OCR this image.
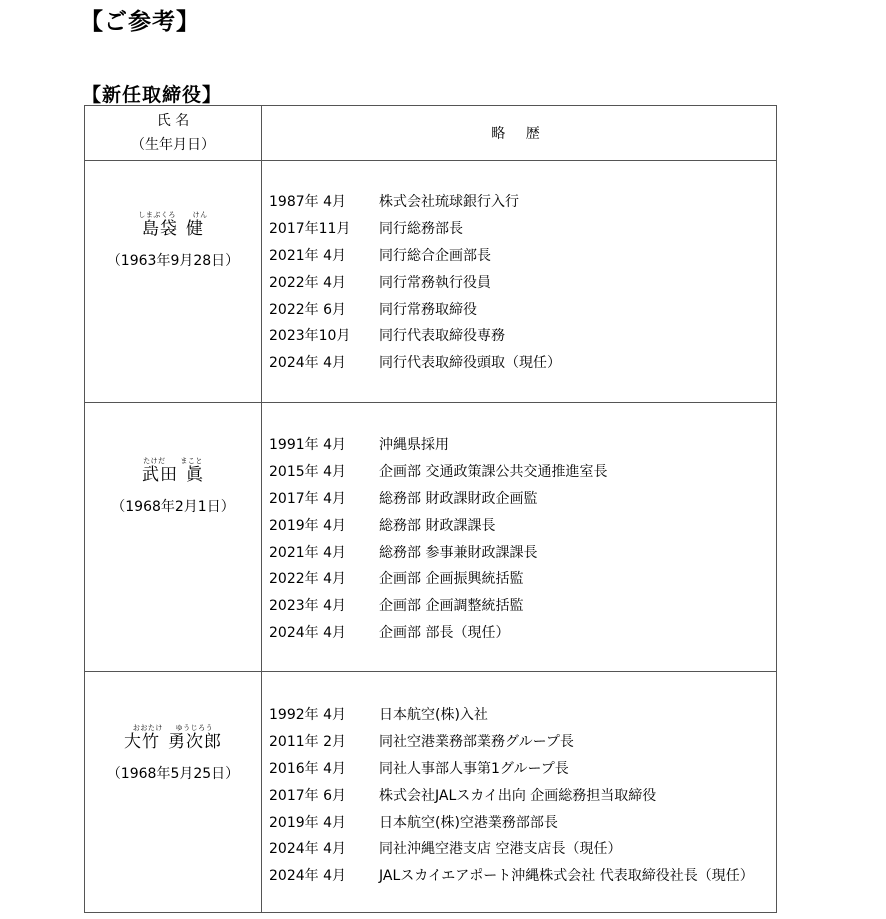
【ご参考】
【新任取締役】
氏 名
（生年月日）
略 歴
しまぶくろ けん
島袋 健
（1963年9月28日）
1987年 4月	株式会社琉球銀行入行
2017年11月	同行総務部長
2021年 4月	同行総合企画部長
2022年 4月	同行常務執行役員
2022年 6月	同行常務取締役
2023年10月	同行代表取締役専務
2024年 4月	同行代表取締役頭取（現任）
たけだ まこと
武田 眞
（1968年2月1日）
1991年 4月	沖縄県採用
2015年 4月	企画部 交通政策課公共交通推進室長
2017年 4月	総務部 財政課財政企画監
2019年 4月	総務部 財政課課長
2021年 4月	総務部 参事兼財政課課長
2022年 4月	企画部 企画振興統括監
2023年 4月	企画部 企画調整統括監
2024年 4月	企画部 部長（現任）
おおたけ ゆうじろう
大竹 勇次郎
（1968年5月25日）
1992年 4月	日本航空(株)入社
2011年 2月	同社空港業務部業務グループ長
2016年 4月	同社人事部人事第1グループ長
2017年 6月	株式会社JALスカイ出向 企画総務担当取締役
2019年 4月	日本航空(株)空港業務部部長
2024年 4月	同社沖縄空港支店 空港支店長（現任）
2024年 4月	JALスカイエアポート沖縄株式会社 代表取締役社長（現任）
